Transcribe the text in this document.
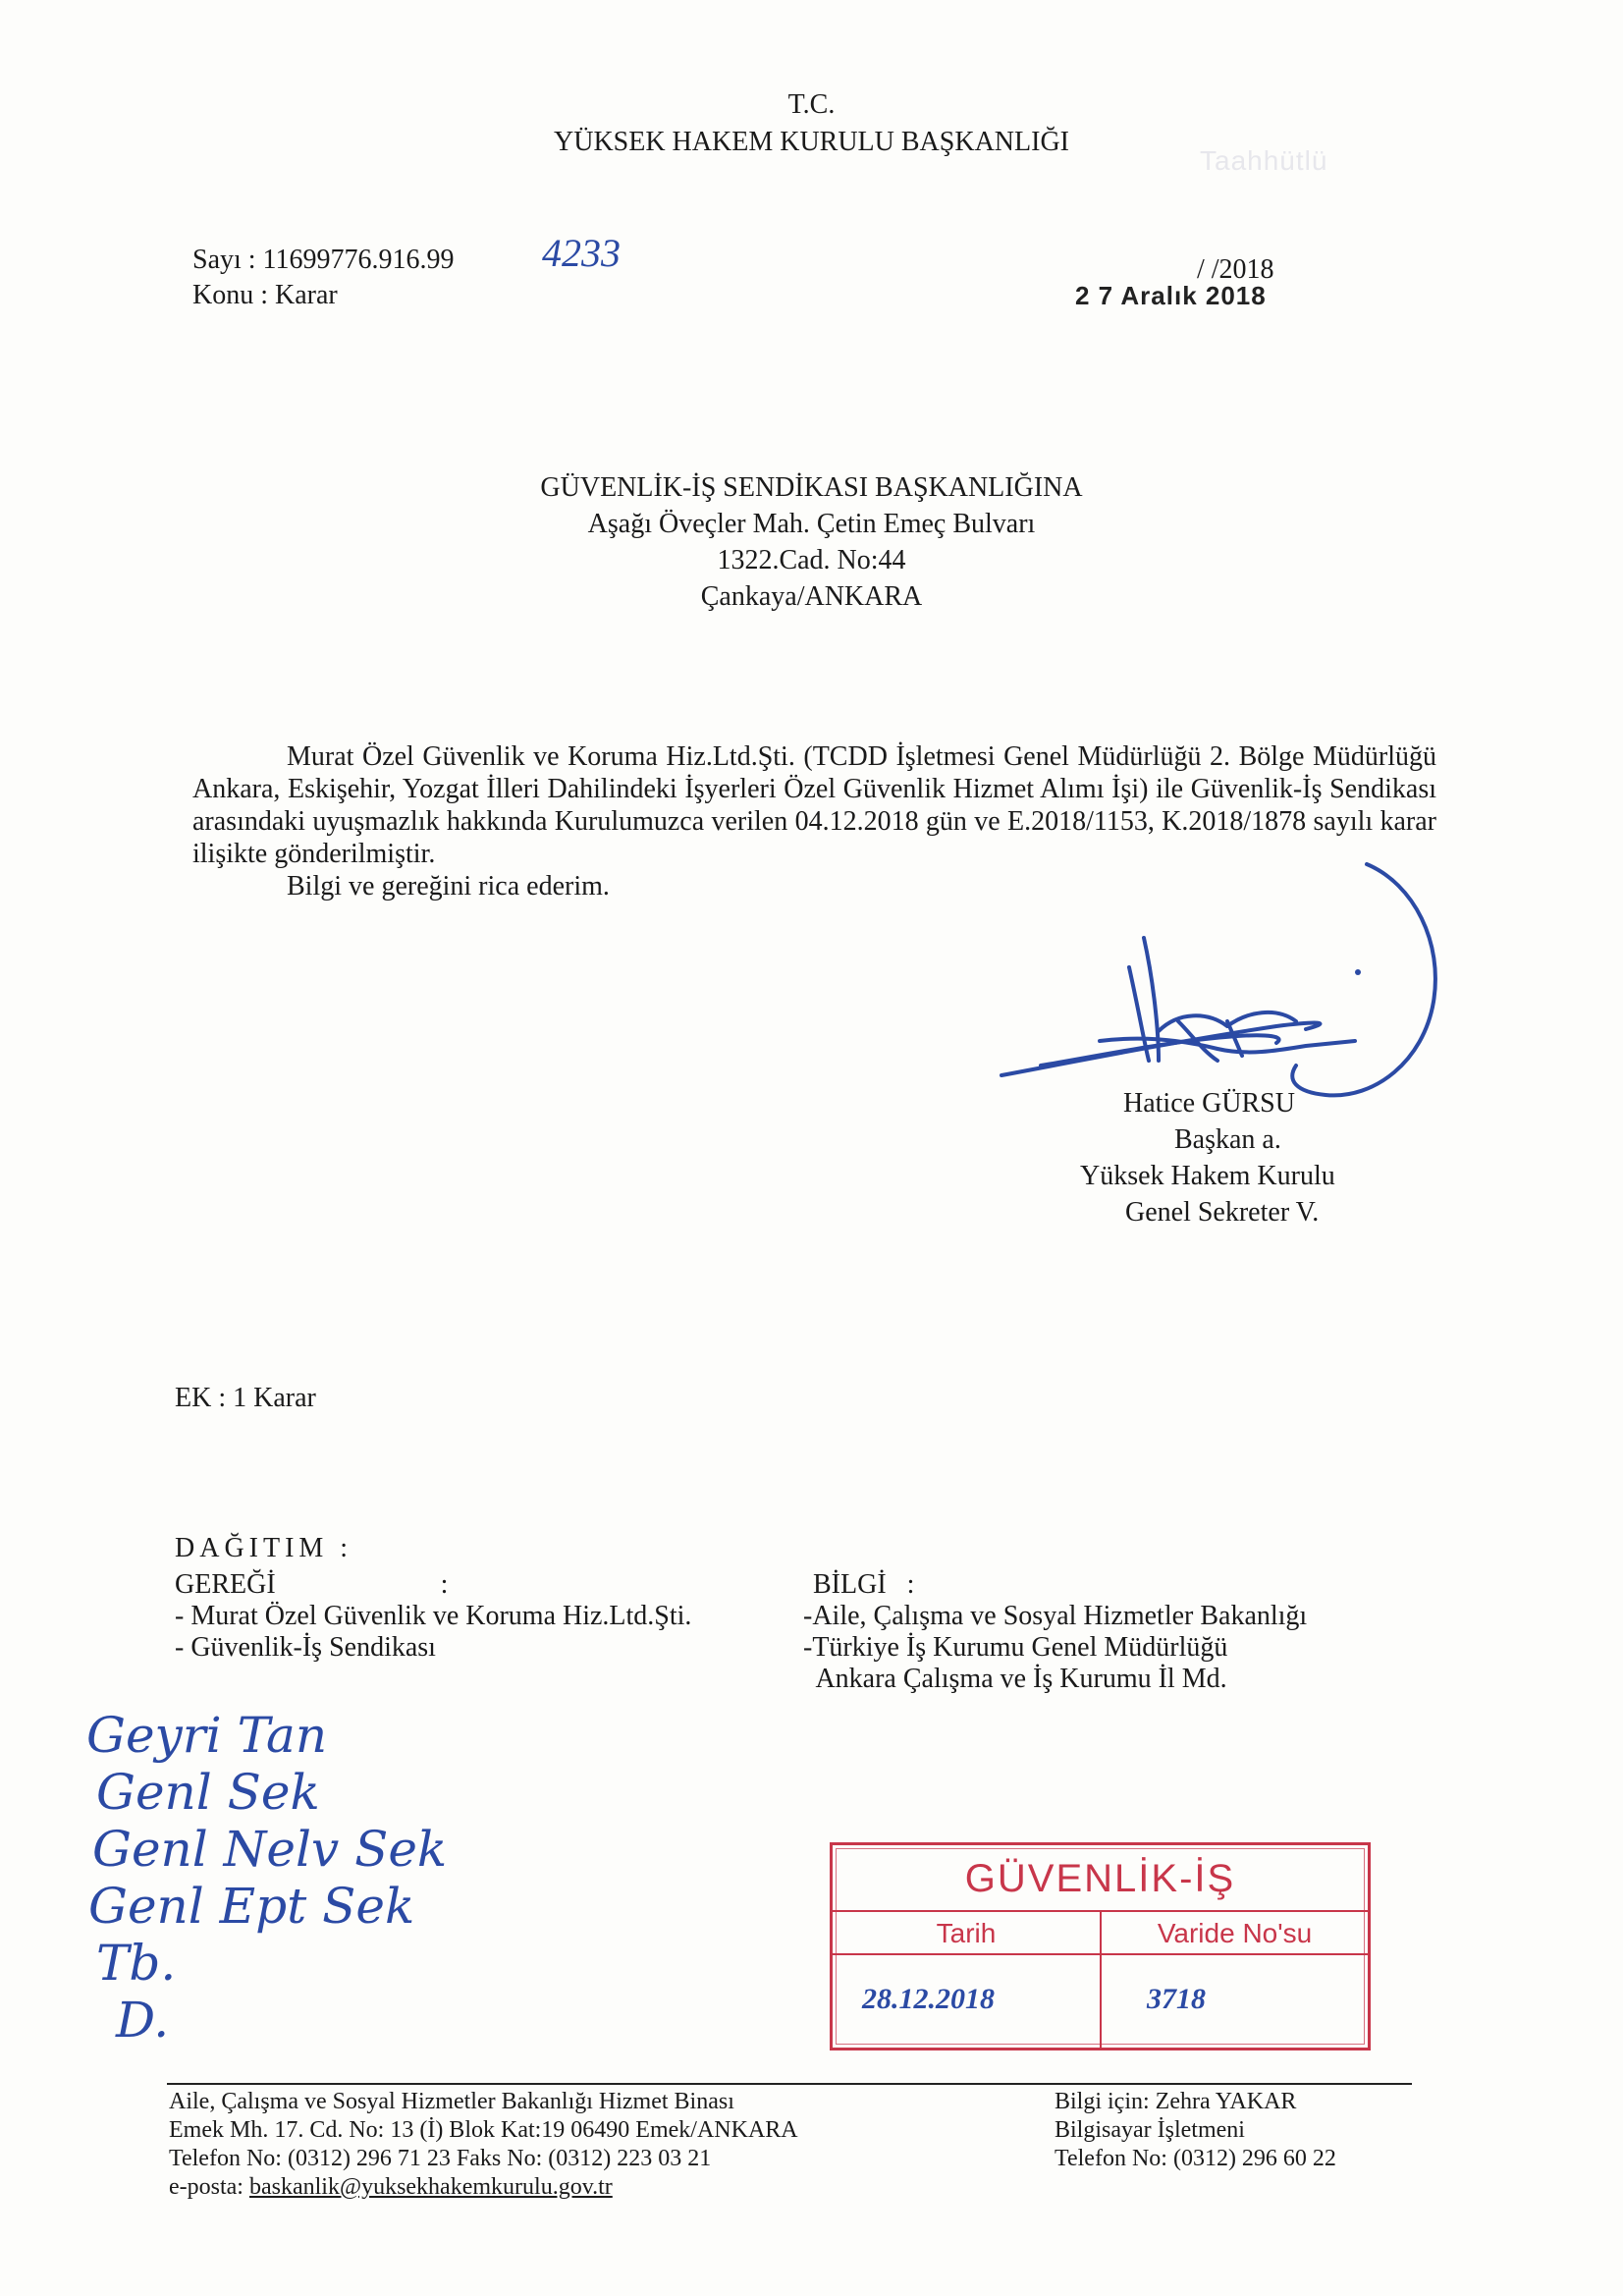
T.C.
YÜKSEK HAKEM KURULU BAŞKANLIĞI
Taahhütlü
Sayı : 11699776.916.99 4233
Konu : Karar
/ /2018
2 7 Aralık 2018
GÜVENLİK-İŞ SENDİKASI BAŞKANLIĞINA
Aşağı Öveçler Mah. Çetin Emeç Bulvarı
1322.Cad. No:44
Çankaya/ANKARA

Murat Özel Güvenlik ve Koruma Hiz.Ltd.Şti. (TCDD İşletmesi Genel Müdürlüğü 2. Bölge Müdürlüğü Ankara, Eskişehir, Yozgat İlleri Dahilindeki İşyerleri Özel Güvenlik Hizmet Alımı İşi) ile Güvenlik-İş Sendikası arasındaki uyuşmazlık hakkında Kurulumuzca verilen 04.12.2018 gün ve E.2018/1153, K.2018/1878 sayılı karar ilişikte gönderilmiştir.

Bilgi ve gereğini rica ederim.

Hatice GÜRSU
Başkan a.
Yüksek Hakem Kurulu
Genel Sekreter V.
EK : 1 Karar
DAĞITIM :
GEREĞİ                        :
- Murat Özel Güvenlik ve Koruma Hiz.Ltd.Şti.
- Güvenlik-İş Sendikası
BİLGİ   :
-Aile, Çalışma ve Sosyal Hizmetler Bakanlığı
-Türkiye İş Kurumu Genel Müdürlüğü
Ankara Çalışma ve İş Kurumu İl Md.
Geyri Tan
Genl Sek
Genl Nelv Sek
Genl Ept Sek
Tb.
D.
GÜVENLİK-İŞ
Tarih	Varide No'su
28.12.2018	3718
Aile, Çalışma ve Sosyal Hizmetler Bakanlığı Hizmet Binası
Emek Mh. 17. Cd. No: 13 (İ) Blok Kat:19 06490 Emek/ANKARA
Telefon No: (0312) 296 71 23 Faks No: (0312) 223 03 21
e-posta: baskanlik@yuksekhakemkurulu.gov.tr
Bilgi için: Zehra YAKAR
Bilgisayar İşletmeni
Telefon No: (0312) 296 60 22
